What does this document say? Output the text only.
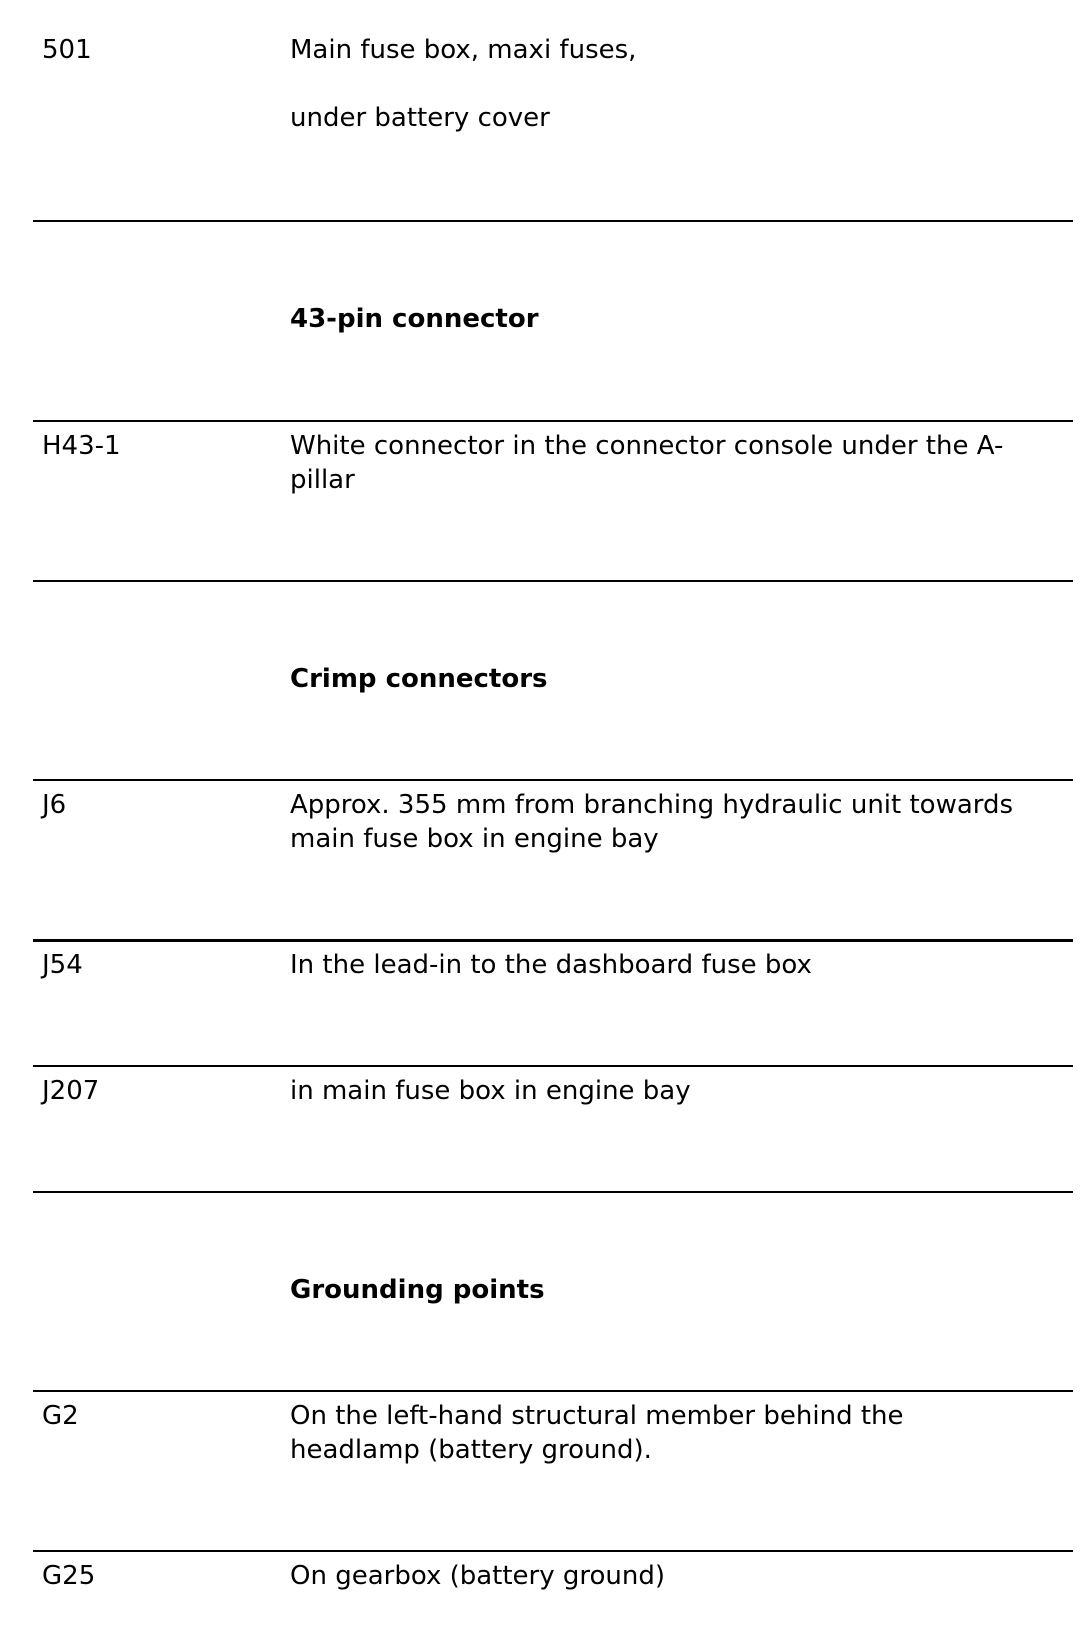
501	Main fuse box, maxi fuses,
under battery cover
43-pin connector
H43-1	White connector in the connector console under the A-
pillar
Crimp connectors
J6	Approx. 355 mm from branching hydraulic unit towards
main fuse box in engine bay
J54	In the lead-in to the dashboard fuse box
J207	in main fuse box in engine bay
Grounding points
G2	On the left-hand structural member behind the
headlamp (battery ground).
G25	On gearbox (battery ground)
